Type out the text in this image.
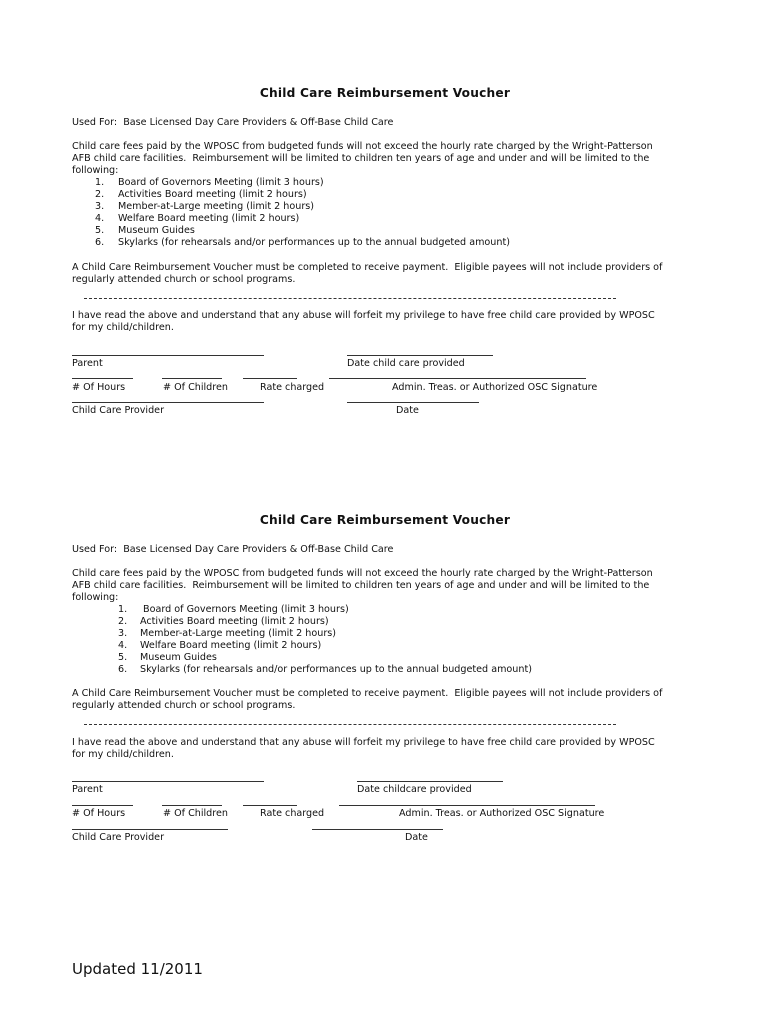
Child Care Reimbursement Voucher
Used For:  Base Licensed Day Care Providers & Off-Base Child Care
Child care fees paid by the WPOSC from budgeted funds will not exceed the hourly rate charged by the Wright-Patterson
AFB child care facilities.  Reimbursement will be limited to children ten years of age and under and will be limited to the
following:
1. Board of Governors Meeting (limit 3 hours)
2. Activities Board meeting (limit 2 hours)
3. Member-at-Large meeting (limit 2 hours)
4. Welfare Board meeting (limit 2 hours)
5. Museum Guides
6. Skylarks (for rehearsals and/or performances up to the annual budgeted amount)
A Child Care Reimbursement Voucher must be completed to receive payment.  Eligible payees will not include providers of
regularly attended church or school programs.
I have read the above and understand that any abuse will forfeit my privilege to have free child care provided by WPOSC
for my child/children.
Parent	Date child care provided
# Of Hours	# Of Children	Rate charged	Admin. Treas. or Authorized OSC Signature
Child Care Provider	Date
Child Care Reimbursement Voucher
Used For:  Base Licensed Day Care Providers & Off-Base Child Care
Child care fees paid by the WPOSC from budgeted funds will not exceed the hourly rate charged by the Wright-Patterson
AFB child care facilities.  Reimbursement will be limited to children ten years of age and under and will be limited to the
following:
1. Board of Governors Meeting (limit 3 hours)
2. Activities Board meeting (limit 2 hours)
3. Member-at-Large meeting (limit 2 hours)
4. Welfare Board meeting (limit 2 hours)
5. Museum Guides
6. Skylarks (for rehearsals and/or performances up to the annual budgeted amount)
A Child Care Reimbursement Voucher must be completed to receive payment.  Eligible payees will not include providers of
regularly attended church or school programs.
I have read the above and understand that any abuse will forfeit my privilege to have free child care provided by WPOSC
for my child/children.
Parent	Date childcare provided
# Of Hours	# Of Children	Rate charged	Admin. Treas. or Authorized OSC Signature
Child Care Provider	Date
Updated 11/2011
